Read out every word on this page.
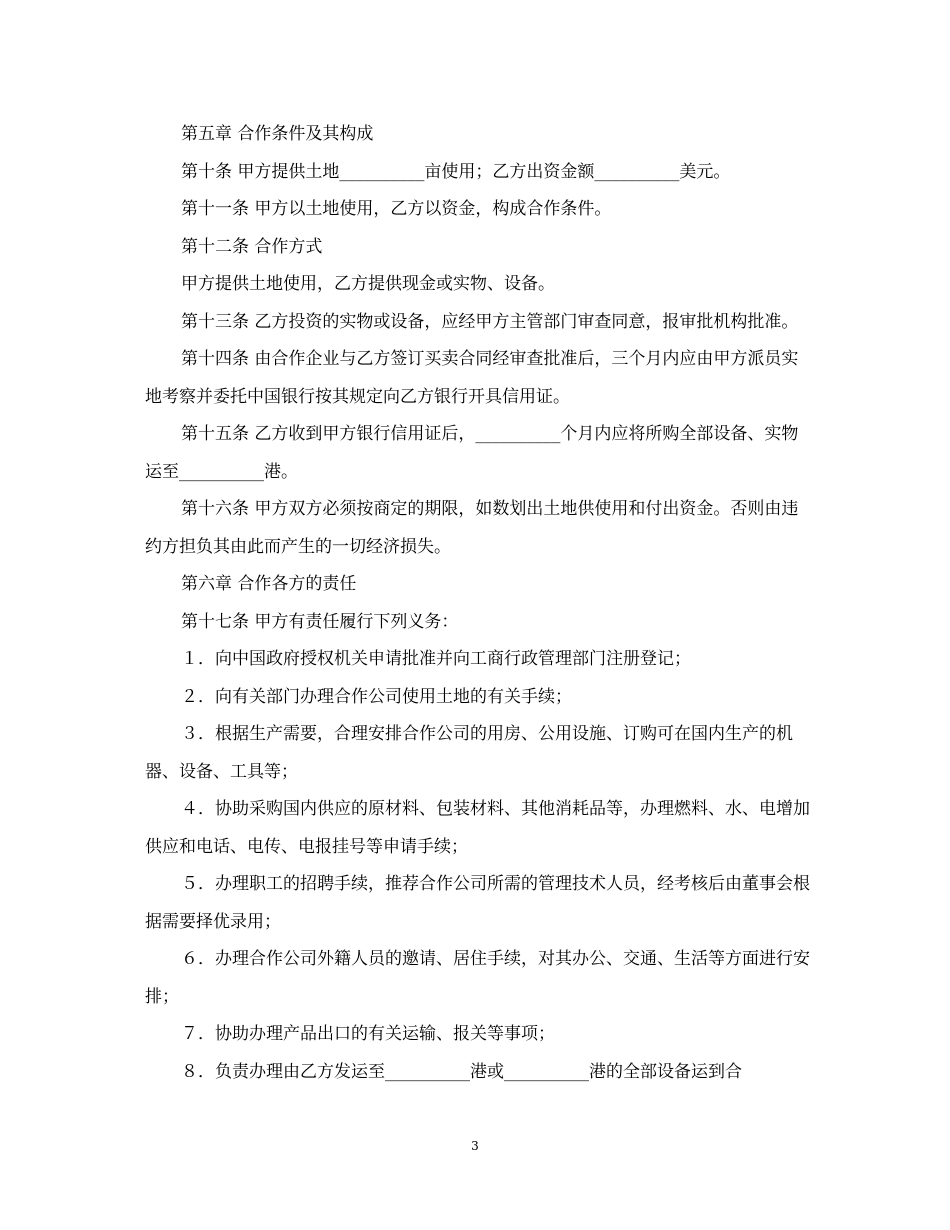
第五章 合作条件及其构成

第十条 甲方提供土地__________亩使用；乙方出资金额__________美元。

第十一条 甲方以土地使用，乙方以资金，构成合作条件。

第十二条 合作方式

甲方提供土地使用，乙方提供现金或实物、设备。

第十三条 乙方投资的实物或设备，应经甲方主管部门审查同意，报审批机构批准。

第十四条 由合作企业与乙方签订买卖合同经审查批准后，三个月内应由甲方派员实地考察并委托中国银行按其规定向乙方银行开具信用证。

第十五条 乙方收到甲方银行信用证后，__________个月内应将所购全部设备、实物运至__________港。

第十六条 甲方双方必须按商定的期限，如数划出土地供使用和付出资金。否则由违约方担负其由此而产生的一切经济损失。

第六章 合作各方的责任

第十七条 甲方有责任履行下列义务：

１．向中国政府授权机关申请批准并向工商行政管理部门注册登记；

２．向有关部门办理合作公司使用土地的有关手续；

３．根据生产需要，合理安排合作公司的用房、公用设施、订购可在国内生产的机器、设备、工具等；

４．协助采购国内供应的原材料、包装材料、其他消耗品等，办理燃料、水、电增加供应和电话、电传、电报挂号等申请手续；

５．办理职工的招聘手续，推荐合作公司所需的管理技术人员，经考核后由董事会根据需要择优录用；

６．办理合作公司外籍人员的邀请、居住手续，对其办公、交通、生活等方面进行安排；

７．协助办理产品出口的有关运输、报关等事项；

８．负责办理由乙方发运至__________港或__________港的全部设备运到合

3
